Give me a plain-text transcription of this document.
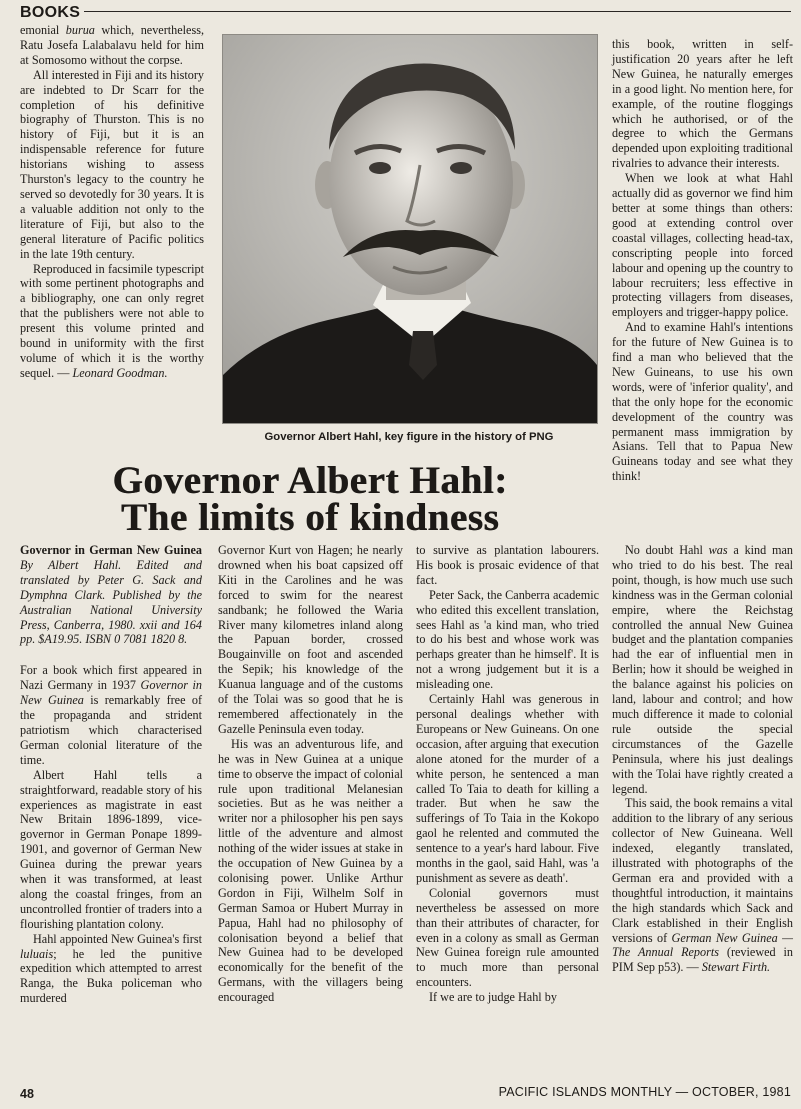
BOOKS

emonial burua which, nevertheless, Ratu Josefa Lalabalavu held for him at Somosomo without the corpse.

All interested in Fiji and its history are indebted to Dr Scarr for the completion of his definitive biography of Thurston. This is no history of Fiji, but it is an indispensable reference for future historians wishing to assess Thurston's legacy to the country he served so devotedly for 30 years. It is a valuable addition not only to the literature of Fiji, but also to the general literature of Pacific politics in the late 19th century.

Reproduced in facsimile typescript with some pertinent photographs and a bibliography, one can only regret that the publishers were not able to present this volume printed and bound in uniformity with the first volume of which it is the worthy sequel. — Leonard Goodman.

Governor Albert Hahl, key figure in the history of PNG
Governor Albert Hahl:
The limits of kindness

this book, written in self-justification 20 years after he left New Guinea, he naturally emerges in a good light. No mention here, for example, of the routine floggings which he authorised, or of the degree to which the Germans depended upon exploiting traditional rivalries to advance their interests.

When we look at what Hahl actually did as governor we find him better at some things than others: good at extending control over coastal villages, collecting head-tax, conscripting people into forced labour and opening up the country to labour recruiters; less effective in protecting villagers from diseases, employers and trigger-happy police.

And to examine Hahl's intentions for the future of New Guinea is to find a man who believed that the New Guineans, to use his own words, were of 'inferior quality', and that the only hope for the economic development of the country was permanent mass immigration by Asians. Tell that to Papua New Guineans today and see what they think!

Governor in German New Guinea By Albert Hahl. Edited and translated by Peter G. Sack and Dymphna Clark. Published by the Australian National University Press, Canberra, 1980. xxii and 164 pp. $A19.95. ISBN 0 7081 1820 8.

For a book which first appeared in Nazi Germany in 1937 Governor in New Guinea is remarkably free of the propaganda and strident patriotism which characterised German colonial literature of the time.

Albert Hahl tells a straightforward, readable story of his experiences as magistrate in east New Britain 1896-1899, vice-governor in German Ponape 1899-1901, and governor of German New Guinea during the prewar years when it was transformed, at least along the coastal fringes, from an uncontrolled frontier of traders into a flourishing plantation colony.

Hahl appointed New Guinea's first luluais; he led the punitive expedition which attempted to arrest Ranga, the Buka policeman who murdered

Governor Kurt von Hagen; he nearly drowned when his boat capsized off Kiti in the Carolines and he was forced to swim for the nearest sandbank; he followed the Waria River many kilometres inland along the Papuan border, crossed Bougainville on foot and ascended the Sepik; his knowledge of the Kuanua language and of the customs of the Tolai was so good that he is remembered affectionately in the Gazelle Peninsula even today.

His was an adventurous life, and he was in New Guinea at a unique time to observe the impact of colonial rule upon traditional Melanesian societies. But as he was neither a writer nor a philosopher his pen says little of the adventure and almost nothing of the wider issues at stake in the occupation of New Guinea by a colonising power. Unlike Arthur Gordon in Fiji, Wilhelm Solf in German Samoa or Hubert Murray in Papua, Hahl had no philosophy of colonisation beyond a belief that New Guinea had to be developed economically for the benefit of the Germans, with the villagers being encouraged

to survive as plantation labourers. His book is prosaic evidence of that fact.

Peter Sack, the Canberra academic who edited this excellent translation, sees Hahl as 'a kind man, who tried to do his best and whose work was perhaps greater than he himself'. It is not a wrong judgement but it is a misleading one.

Certainly Hahl was generous in personal dealings whether with Europeans or New Guineans. On one occasion, after arguing that execution alone atoned for the murder of a white person, he sentenced a man called To Taia to death for killing a trader. But when he saw the sufferings of To Taia in the Kokopo gaol he relented and commuted the sentence to a year's hard labour. Five months in the gaol, said Hahl, was 'a punishment as severe as death'.

Colonial governors must nevertheless be assessed on more than their attributes of character, for even in a colony as small as German New Guinea foreign rule amounted to much more than personal encounters.

If we are to judge Hahl by

No doubt Hahl was a kind man who tried to do his best. The real point, though, is how much use such kindness was in the German colonial empire, where the Reichstag controlled the annual New Guinea budget and the plantation companies had the ear of influential men in Berlin; how it should be weighed in the balance against his policies on land, labour and control; and how much difference it made to colonial rule outside the special circumstances of the Gazelle Peninsula, where his just dealings with the Tolai have rightly created a legend.

This said, the book remains a vital addition to the library of any serious collector of New Guineana. Well indexed, elegantly translated, illustrated with photographs of the German era and provided with a thoughtful introduction, it maintains the high standards which Sack and Clark established in their English versions of German New Guinea — The Annual Reports (reviewed in PIM Sep p53). — Stewart Firth.

48	PACIFIC ISLANDS MONTHLY — OCTOBER, 1981
